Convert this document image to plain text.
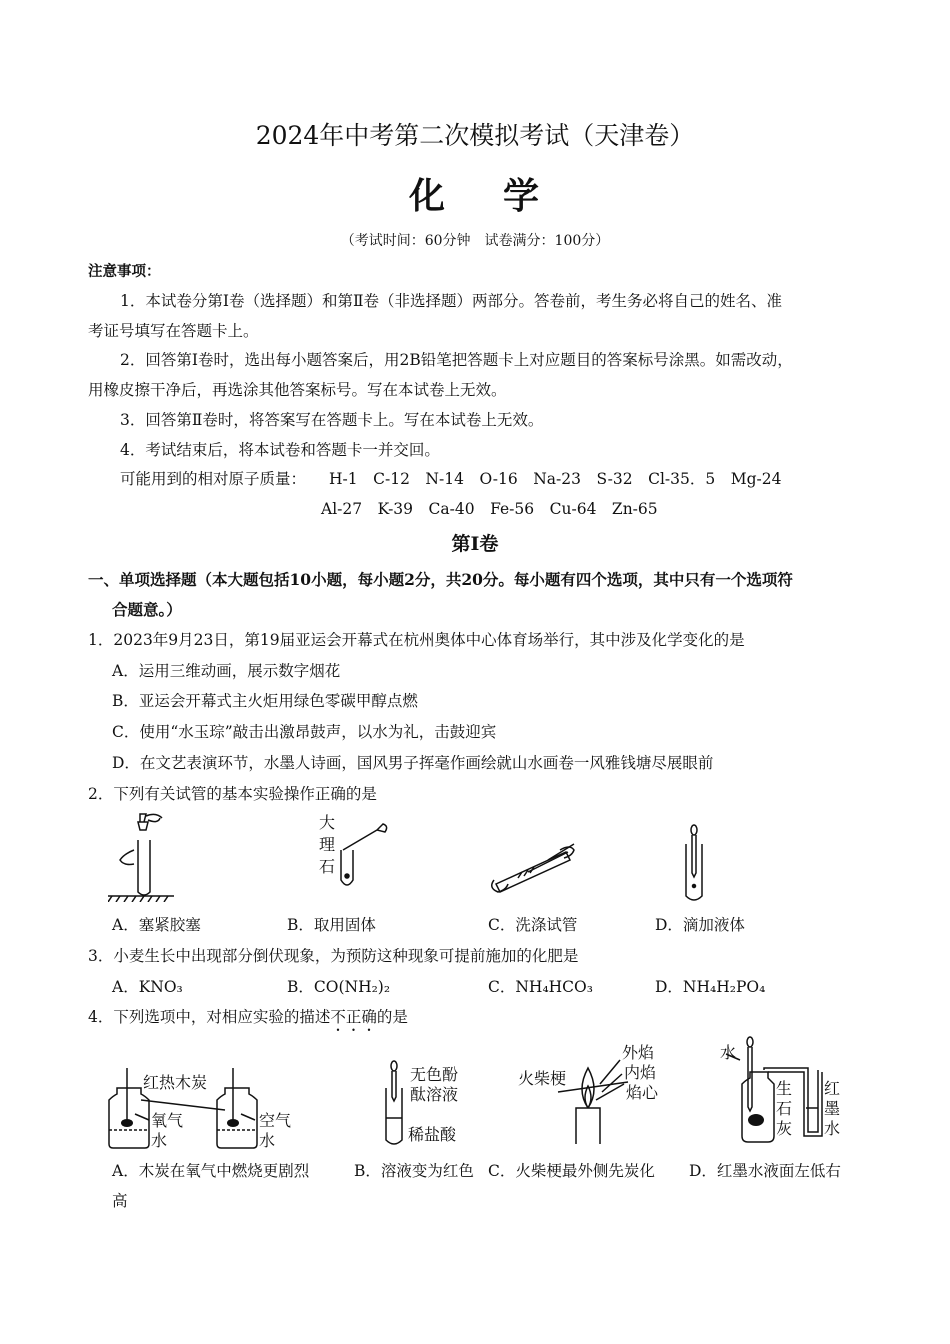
2024年中考第二次模拟考试（天津卷）
化 学
（考试时间：60分钟　试卷满分：100分）
注意事项：
1．本试卷分第Ⅰ卷（选择题）和第Ⅱ卷（非选择题）两部分。答卷前，考生务必将自己的姓名、准
考证号填写在答题卡上。
2．回答第Ⅰ卷时，选出每小题答案后，用2B铅笔把答题卡上对应题目的答案标号涂黑。如需改动，
用橡皮擦干净后，再选涂其他答案标号。写在本试卷上无效。
3．回答第Ⅱ卷时，将答案写在答题卡上。写在本试卷上无效。
4．考试结束后，将本试卷和答题卡一并交回。
可能用到的相对原子质量： H-1　C-12　N-14　O-16　Na-23　S-32　Cl-35．5　Mg-24
Al-27　K-39　Ca-40　Fe-56　Cu-64　Zn-65
第Ⅰ卷
一、单项选择题（本大题包括10小题，每小题2分，共20分。每小题有四个选项，其中只有一个选项符
合题意。）
1．2023年9月23日，第19届亚运会开幕式在杭州奥体中心体育场举行，其中涉及化学变化的是
A．运用三维动画，展示数字烟花
B．亚运会开幕式主火炬用绿色零碳甲醇点燃
C．使用“水玉琮”敲击出激昂鼓声，以水为礼，击鼓迎宾
D．在文艺表演环节，水墨人诗画，国风男子挥毫作画绘就山水画卷一风雅钱塘尽展眼前
2．下列有关试管的基本实验操作正确的是
大
理
石
A．塞紧胶塞	B．取用固体	C．洗涤试管	D．滴加液体
3．小麦生长中出现部分倒伏现象，为预防这种现象可提前施加的化肥是
A．KNO₃	B．CO(NH₂)₂	C．NH₄HCO₃	D．NH₄H₂PO₄
4．下列选项中，对相应实验的描述不正确的是
红热木炭
氧气
水
空气
水
无色酚
酞溶液
稀盐酸
火柴梗
外焰
内焰
焰心
水
生
石
灰
红
墨
水
A．木炭在氧气中燃烧更剧烈	B．溶液变为红色 C．火柴梗最外侧先炭化 D．红墨水液面左低右
高
